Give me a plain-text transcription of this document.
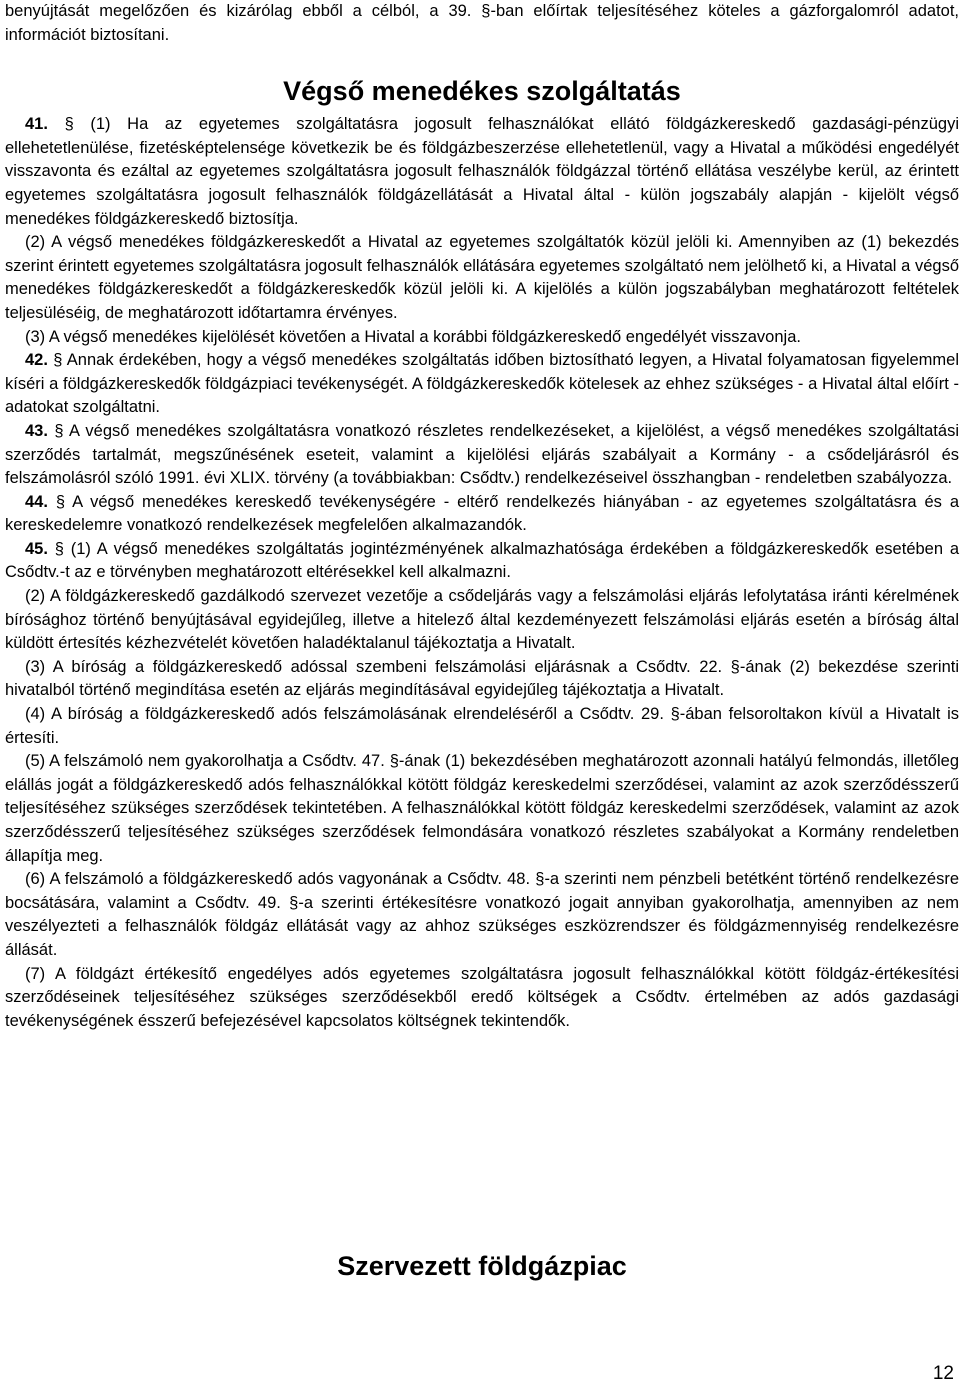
benyújtását megelőzően és kizárólag ebből a célból, a 39. §-ban előírtak teljesítéséhez köteles a gázforgalomról adatot, információt biztosítani.

Végső menedékes szolgáltatás

41. § (1) Ha az egyetemes szolgáltatásra jogosult felhasználókat ellátó földgázkereskedő gazdasági-pénzügyi ellehetetlenülése, fizetésképtelensége következik be és földgázbeszerzése ellehetetlenül, vagy a Hivatal a működési engedélyét visszavonta és ezáltal az egyetemes szolgáltatásra jogosult felhasználók földgázzal történő ellátása veszélybe kerül, az érintett egyetemes szolgáltatásra jogosult felhasználók földgázellátását a Hivatal által - külön jogszabály alapján - kijelölt végső menedékes földgázkereskedő biztosítja.

(2) A végső menedékes földgázkereskedőt a Hivatal az egyetemes szolgáltatók közül jelöli ki. Amennyiben az (1) bekezdés szerint érintett egyetemes szolgáltatásra jogosult felhasználók ellátására egyetemes szolgáltató nem jelölhető ki, a Hivatal a végső menedékes földgázkereskedőt a földgázkereskedők közül jelöli ki. A kijelölés a külön jogszabályban meghatározott feltételek teljesüléséig, de meghatározott időtartamra érvényes.

(3) A végső menedékes kijelölését követően a Hivatal a korábbi földgázkereskedő engedélyét visszavonja.

42. § Annak érdekében, hogy a végső menedékes szolgáltatás időben biztosítható legyen, a Hivatal folyamatosan figyelemmel kíséri a földgázkereskedők földgázpiaci tevékenységét. A földgázkereskedők kötelesek az ehhez szükséges - a Hivatal által előírt - adatokat szolgáltatni.

43. § A végső menedékes szolgáltatásra vonatkozó részletes rendelkezéseket, a kijelölést, a végső menedékes szolgáltatási szerződés tartalmát, megszűnésének eseteit, valamint a kijelölési eljárás szabályait a Kormány - a csődeljárásról és felszámolásról szóló 1991. évi XLIX. törvény (a továbbiakban: Csődtv.) rendelkezéseivel összhangban - rendeletben szabályozza.

44. § A végső menedékes kereskedő tevékenységére - eltérő rendelkezés hiányában - az egyetemes szolgáltatásra és a kereskedelemre vonatkozó rendelkezések megfelelően alkalmazandók.

45. § (1) A végső menedékes szolgáltatás jogintézményének alkalmazhatósága érdekében a földgázkereskedők esetében a Csődtv.-t az e törvényben meghatározott eltérésekkel kell alkalmazni.

(2) A földgázkereskedő gazdálkodó szervezet vezetője a csődeljárás vagy a felszámolási eljárás lefolytatása iránti kérelmének bírósághoz történő benyújtásával egyidejűleg, illetve a hitelező által kezdeményezett felszámolási eljárás esetén a bíróság által küldött értesítés kézhezvételét követően haladéktalanul tájékoztatja a Hivatalt.

(3) A bíróság a földgázkereskedő adóssal szembeni felszámolási eljárásnak a Csődtv. 22. §-ának (2) bekezdése szerinti hivatalból történő megindítása esetén az eljárás megindításával egyidejűleg tájékoztatja a Hivatalt.

(4) A bíróság a földgázkereskedő adós felszámolásának elrendeléséről a Csődtv. 29. §-ában felsoroltakon kívül a Hivatalt is értesíti.

(5) A felszámoló nem gyakorolhatja a Csődtv. 47. §-ának (1) bekezdésében meghatározott azonnali hatályú felmondás, illetőleg elállás jogát a földgázkereskedő adós felhasználókkal kötött földgáz kereskedelmi szerződései, valamint az azok szerződésszerű teljesítéséhez szükséges szerződések tekintetében. A felhasználókkal kötött földgáz kereskedelmi szerződések, valamint az azok szerződésszerű teljesítéséhez szükséges szerződések felmondására vonatkozó részletes szabályokat a Kormány rendeletben állapítja meg.

(6) A felszámoló a földgázkereskedő adós vagyonának a Csődtv. 48. §-a szerinti nem pénzbeli betétként történő rendelkezésre bocsátására, valamint a Csődtv. 49. §-a szerinti értékesítésre vonatkozó jogait annyiban gyakorolhatja, amennyiben az nem veszélyezteti a felhasználók földgáz ellátását vagy az ahhoz szükséges eszközrendszer és földgázmennyiség rendelkezésre állását.

(7) A földgázt értékesítő engedélyes adós egyetemes szolgáltatásra jogosult felhasználókkal kötött földgáz-értékesítési szerződéseinek teljesítéséhez szükséges szerződésekből eredő költségek a Csődtv. értelmében az adós gazdasági tevékenységének ésszerű befejezésével kapcsolatos költségnek tekintendők.

Szervezett földgázpiac
12
